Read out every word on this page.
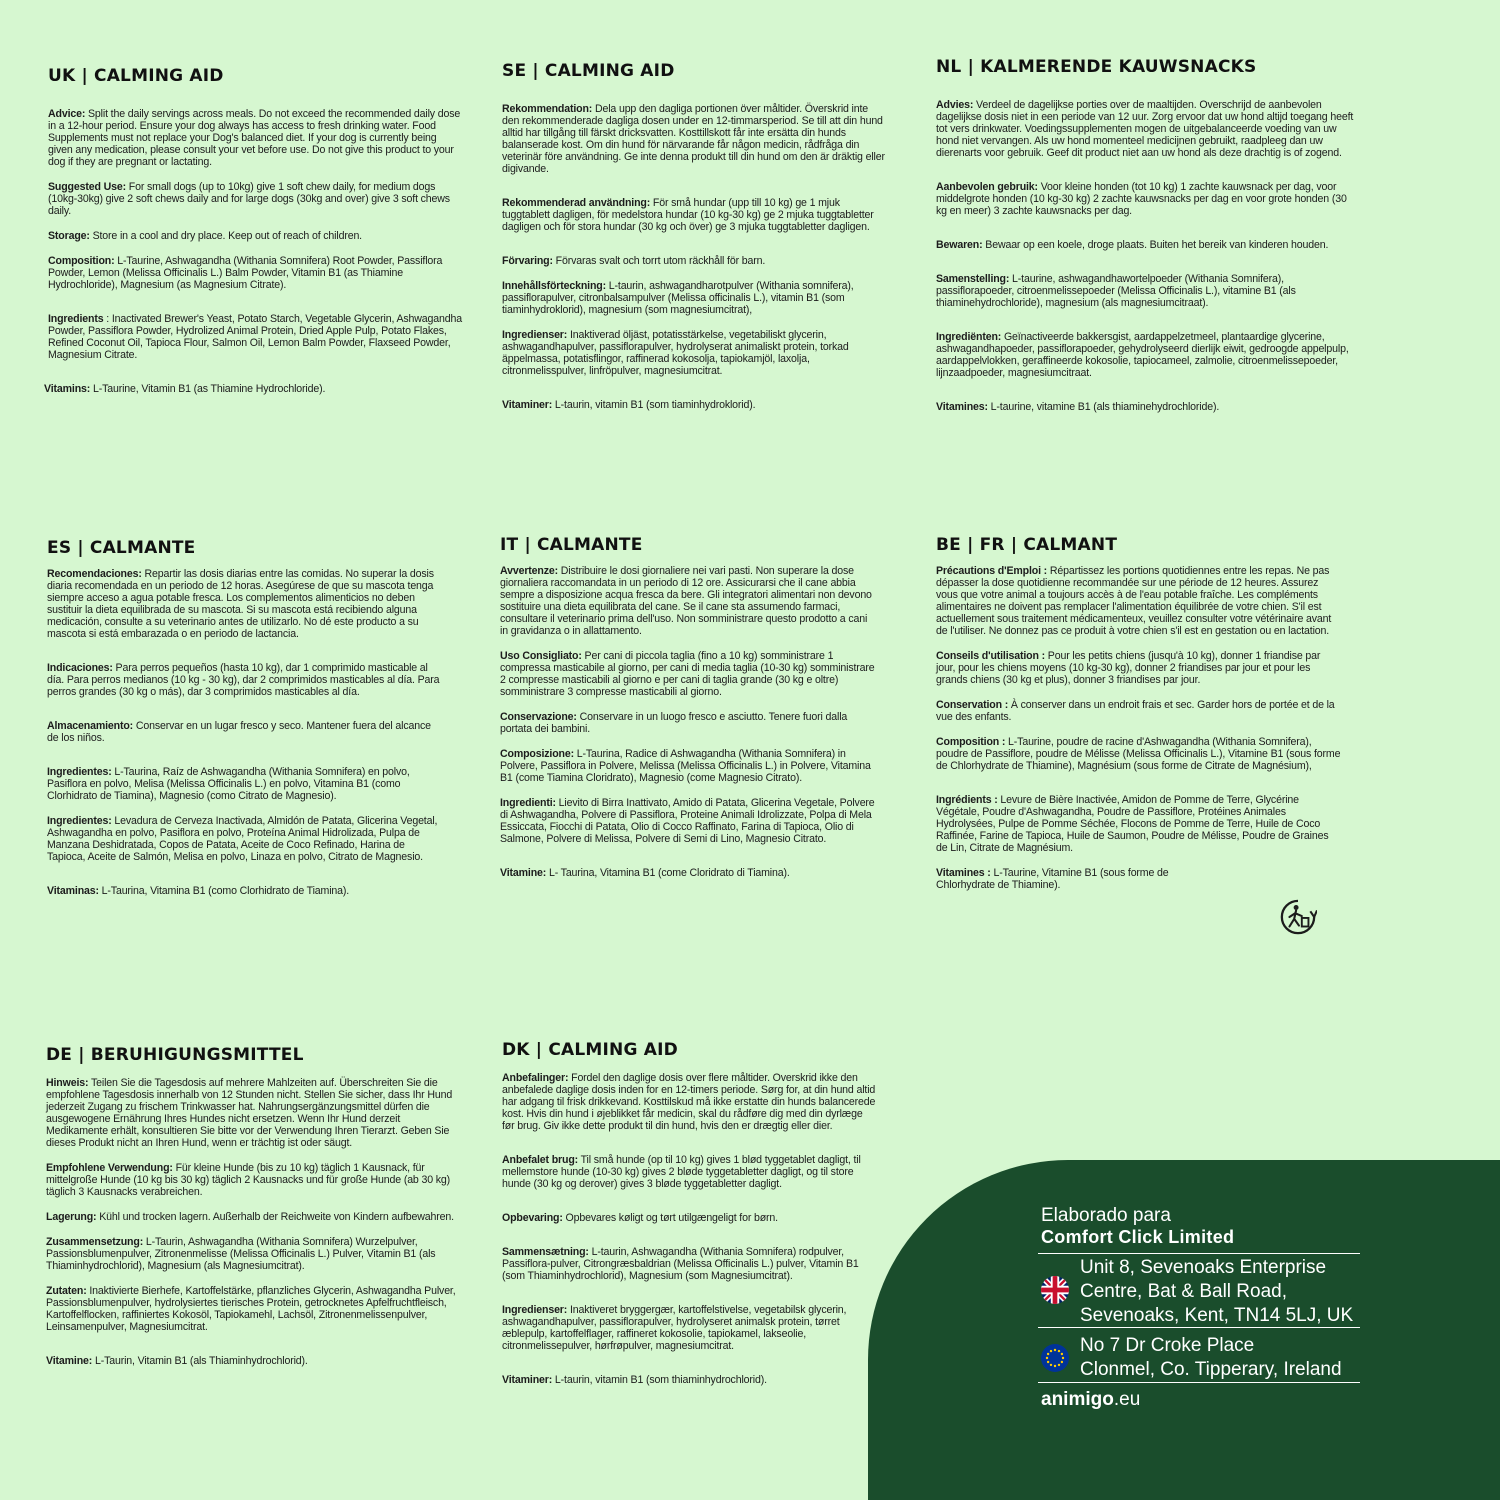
UK | CALMING AID

Advice: Split the daily servings across meals. Do not exceed the recommended daily dose in a 12-hour period. Ensure your dog always has access to fresh drinking water. Food Supplements must not replace your Dog's balanced diet. If your dog is currently being given any medication, please consult your vet before use. Do not give this product to your dog if they are pregnant or lactating.

Suggested Use: For small dogs (up to 10kg) give 1 soft chew daily, for medium dogs (10kg-30kg) give 2 soft chews daily and for large dogs (30kg and over) give 3 soft chews daily.

Storage: Store in a cool and dry place. Keep out of reach of children.

Composition: L-Taurine, Ashwagandha (Withania Somnifera) Root Powder, Passiflora Powder, Lemon (Melissa Officinalis L.) Balm Powder, Vitamin B1 (as Thiamine Hydrochloride), Magnesium (as Magnesium Citrate).

Ingredients : Inactivated Brewer's Yeast, Potato Starch, Vegetable Glycerin, Ashwagandha Powder, Passiflora Powder, Hydrolized Animal Protein, Dried Apple Pulp, Potato Flakes, Refined Coconut Oil, Tapioca Flour, Salmon Oil, Lemon Balm Powder, Flaxseed Powder, Magnesium Citrate.

Vitamins: L-Taurine, Vitamin B1 (as Thiamine Hydrochloride).

SE | CALMING AID

Rekommendation: Dela upp den dagliga portionen över måltider. Överskrid inte den rekommenderade dagliga dosen under en 12-timmarsperiod. Se till att din hund alltid har tillgång till färskt dricksvatten. Kosttillskott får inte ersätta din hunds balanserade kost. Om din hund för närvarande får någon medicin, rådfråga din veterinär före användning. Ge inte denna produkt till din hund om den är dräktig eller digivande.

Rekommenderad användning: För små hundar (upp till 10 kg) ge 1 mjuk tuggtablett dagligen, för medelstora hundar (10 kg-30 kg) ge 2 mjuka tuggtabletter dagligen och för stora hundar (30 kg och över) ge 3 mjuka tuggtabletter dagligen.

Förvaring: Förvaras svalt och torrt utom räckhåll för barn.

Innehållsförteckning: L-taurin, ashwagandharotpulver (Withania somnifera), passiflorapulver, citronbalsampulver (Melissa officinalis L.), vitamin B1 (som tiaminhydroklorid), magnesium (som magnesiumcitrat),

Ingredienser: Inaktiverad öljäst, potatisstärkelse, vegetabiliskt glycerin, ashwagandhapulver, passiflorapulver, hydrolyserat animaliskt protein, torkad äppelmassa, potatisflingor, raffinerad kokosolja, tapiokamjöl, laxolja, citronmelisspulver, linfröpulver, magnesiumcitrat.

Vitaminer: L-taurin, vitamin B1 (som tiaminhydroklorid).

NL | KALMERENDE KAUWSNACKS

Advies: Verdeel de dagelijkse porties over de maaltijden. Overschrijd de aanbevolen dagelijkse dosis niet in een periode van 12 uur. Zorg ervoor dat uw hond altijd toegang heeft tot vers drinkwater. Voedingssupplementen mogen de uitgebalanceerde voeding van uw hond niet vervangen. Als uw hond momenteel medicijnen gebruikt, raadpleeg dan uw dierenarts voor gebruik. Geef dit product niet aan uw hond als deze drachtig is of zogend.

Aanbevolen gebruik: Voor kleine honden (tot 10 kg) 1 zachte kauwsnack per dag, voor middelgrote honden (10 kg-30 kg) 2 zachte kauwsnacks per dag en voor grote honden (30 kg en meer) 3 zachte kauwsnacks per dag.

Bewaren: Bewaar op een koele, droge plaats. Buiten het bereik van kinderen houden.

Samenstelling: L-taurine, ashwagandhawortelpoeder (Withania Somnifera), passiflorapoeder, citroenmelissepoeder (Melissa Officinalis L.), vitamine B1 (als thiaminehydrochloride), magnesium (als magnesiumcitraat).

Ingrediënten: Geïnactiveerde bakkersgist, aardappelzetmeel, plantaardige glycerine, ashwagandhapoeder, passiflorapoeder, gehydrolyseerd dierlijk eiwit, gedroogde appelpulp, aardappelvlokken, geraffineerde kokosolie, tapiocameel, zalmolie, citroenmelissepoeder, lijnzaadpoeder, magnesiumcitraat.

Vitamines: L-taurine, vitamine B1 (als thiaminehydrochloride).

ES | CALMANTE

Recomendaciones: Repartir las dosis diarias entre las comidas. No superar la dosis diaria recomendada en un periodo de 12 horas. Asegúrese de que su mascota tenga siempre acceso a agua potable fresca. Los complementos alimenticios no deben sustituir la dieta equilibrada de su mascota. Si su mascota está recibiendo alguna medicación, consulte a su veterinario antes de utilizarlo. No dé este producto a su mascota si está embarazada o en periodo de lactancia.

Indicaciones: Para perros pequeños (hasta 10 kg), dar 1 comprimido masticable al día. Para perros medianos (10 kg - 30 kg), dar 2 comprimidos masticables al día. Para perros grandes (30 kg o más), dar 3 comprimidos masticables al día.

Almacenamiento: Conservar en un lugar fresco y seco. Mantener fuera del alcance de los niños.

Ingredientes: L-Taurina, Raíz de Ashwagandha (Withania Somnifera) en polvo, Pasiflora en polvo, Melisa (Melissa Officinalis L.) en polvo, Vitamina B1 (como Clorhidrato de Tiamina), Magnesio (como Citrato de Magnesio).

Ingredientes: Levadura de Cerveza Inactivada, Almidón de Patata, Glicerina Vegetal, Ashwagandha en polvo, Pasiflora en polvo, Proteína Animal Hidrolizada, Pulpa de Manzana Deshidratada, Copos de Patata, Aceite de Coco Refinado, Harina de Tapioca, Aceite de Salmón, Melisa en polvo, Linaza en polvo, Citrato de Magnesio.

Vitaminas: L-Taurina, Vitamina B1 (como Clorhidrato de Tiamina).

IT | CALMANTE

Avvertenze: Distribuire le dosi giornaliere nei vari pasti. Non superare la dose giornaliera raccomandata in un periodo di 12 ore. Assicurarsi che il cane abbia sempre a disposizione acqua fresca da bere. Gli integratori alimentari non devono sostituire una dieta equilibrata del cane. Se il cane sta assumendo farmaci, consultare il veterinario prima dell'uso. Non somministrare questo prodotto a cani in gravidanza o in allattamento.

Uso Consigliato: Per cani di piccola taglia (fino a 10 kg) somministrare 1 compressa masticabile al giorno, per cani di media taglia (10-30 kg) somministrare 2 compresse masticabili al giorno e per cani di taglia grande (30 kg e oltre) somministrare 3 compresse masticabili al giorno.

Conservazione: Conservare in un luogo fresco e asciutto. Tenere fuori dalla portata dei bambini.

Composizione: L-Taurina, Radice di Ashwagandha (Withania Somnifera) in Polvere, Passiflora in Polvere, Melissa (Melissa Officinalis L.) in Polvere, Vitamina B1 (come Tiamina Cloridrato), Magnesio (come Magnesio Citrato).

Ingredienti: Lievito di Birra Inattivato, Amido di Patata, Glicerina Vegetale, Polvere di Ashwagandha, Polvere di Passiflora, Proteine Animali Idrolizzate, Polpa di Mela Essiccata, Fiocchi di Patata, Olio di Cocco Raffinato, Farina di Tapioca, Olio di Salmone, Polvere di Melissa, Polvere di Semi di Lino, Magnesio Citrato.

Vitamine: L- Taurina, Vitamina B1 (come Cloridrato di Tiamina).

BE | FR | CALMANT

Précautions d'Emploi : Répartissez les portions quotidiennes entre les repas. Ne pas dépasser la dose quotidienne recommandée sur une période de 12 heures. Assurez vous que votre animal a toujours accès à de l'eau potable fraîche. Les compléments alimentaires ne doivent pas remplacer l'alimentation équilibrée de votre chien. S'il est actuellement sous traitement médicamenteux, veuillez consulter votre vétérinaire avant de l'utiliser. Ne donnez pas ce produit à votre chien s'il est en gestation ou en lactation.

Conseils d'utilisation : Pour les petits chiens (jusqu'à 10 kg), donner 1 friandise par jour, pour les chiens moyens (10 kg-30 kg), donner 2 friandises par jour et pour les grands chiens (30 kg et plus), donner 3 friandises par jour.

Conservation : À conserver dans un endroit frais et sec. Garder hors de portée et de la vue des enfants.

Composition : L-Taurine, poudre de racine d'Ashwagandha (Withania Somnifera), poudre de Passiflore, poudre de Mélisse (Melissa Officinalis L.), Vitamine B1 (sous forme de Chlorhydrate de Thiamine), Magnésium (sous forme de Citrate de Magnésium),

Ingrédients : Levure de Bière Inactivée, Amidon de Pomme de Terre, Glycérine Végétale, Poudre d'Ashwagandha, Poudre de Passiflore, Protéines Animales Hydrolysées, Pulpe de Pomme Séchée, Flocons de Pomme de Terre, Huile de Coco Raffinée, Farine de Tapioca, Huile de Saumon, Poudre de Mélisse, Poudre de Graines de Lin, Citrate de Magnésium.

Vitamines : L-Taurine, Vitamine B1 (sous forme de Chlorhydrate de Thiamine).

DE | BERUHIGUNGSMITTEL

Hinweis: Teilen Sie die Tagesdosis auf mehrere Mahlzeiten auf. Überschreiten Sie die empfohlene Tagesdosis innerhalb von 12 Stunden nicht. Stellen Sie sicher, dass Ihr Hund jederzeit Zugang zu frischem Trinkwasser hat. Nahrungsergänzungsmittel dürfen die ausgewogene Ernährung Ihres Hundes nicht ersetzen. Wenn Ihr Hund derzeit Medikamente erhält, konsultieren Sie bitte vor der Verwendung Ihren Tierarzt. Geben Sie dieses Produkt nicht an Ihren Hund, wenn er trächtig ist oder säugt.

Empfohlene Verwendung: Für kleine Hunde (bis zu 10 kg) täglich 1 Kausnack, für mittelgroße Hunde (10 kg bis 30 kg) täglich 2 Kausnacks und für große Hunde (ab 30 kg) täglich 3 Kausnacks verabreichen.

Lagerung: Kühl und trocken lagern. Außerhalb der Reichweite von Kindern aufbewahren.

Zusammensetzung: L-Taurin, Ashwagandha (Withania Somnifera) Wurzelpulver, Passionsblumenpulver, Zitronenmelisse (Melissa Officinalis L.) Pulver, Vitamin B1 (als Thiaminhydrochlorid), Magnesium (als Magnesiumcitrat).

Zutaten: Inaktivierte Bierhefe, Kartoffelstärke, pflanzliches Glycerin, Ashwagandha Pulver, Passionsblumenpulver, hydrolysiertes tierisches Protein, getrocknetes Apfelfruchtfleisch, Kartoffelflocken, raffiniertes Kokosöl, Tapiokamehl, Lachsöl, Zitronenmelissenpulver, Leinsamenpulver, Magnesiumcitrat.

Vitamine: L-Taurin, Vitamin B1 (als Thiaminhydrochlorid).

DK | CALMING AID

Anbefalinger: Fordel den daglige dosis over flere måltider. Overskrid ikke den anbefalede daglige dosis inden for en 12-timers periode. Sørg for, at din hund altid har adgang til frisk drikkevand. Kosttilskud må ikke erstatte din hunds balancerede kost. Hvis din hund i øjeblikket får medicin, skal du rådføre dig med din dyrlæge før brug. Giv ikke dette produkt til din hund, hvis den er drægtig eller dier.

Anbefalet brug: Til små hunde (op til 10 kg) gives 1 blød tyggetablet dagligt, til mellemstore hunde (10-30 kg) gives 2 bløde tyggetabletter dagligt, og til store hunde (30 kg og derover) gives 3 bløde tyggetabletter dagligt.

Opbevaring: Opbevares køligt og tørt utilgængeligt for børn.

Sammensætning: L-taurin, Ashwagandha (Withania Somnifera) rodpulver, Passiflora-pulver, Citrongræsbaldrian (Melissa Officinalis L.) pulver, Vitamin B1 (som Thiaminhydrochlorid), Magnesium (som Magnesiumcitrat).

Ingredienser: Inaktiveret bryggergær, kartoffelstivelse, vegetabilsk glycerin, ashwagandhapulver, passiflorapulver, hydrolyseret animalsk protein, tørret æblepulp, kartoffelflager, raffineret kokosolie, tapiokamel, lakseolie, citronmelissepulver, hørfrøpulver, magnesiumcitrat.

Vitaminer: L-taurin, vitamin B1 (som thiaminhydrochlorid).

Elaborado para
Comfort Click Limited
Unit 8, Sevenoaks Enterprise
Centre, Bat & Ball Road,
Sevenoaks, Kent, TN14 5LJ, UK
No 7 Dr Croke Place
Clonmel, Co. Tipperary, Ireland
animigo.eu
